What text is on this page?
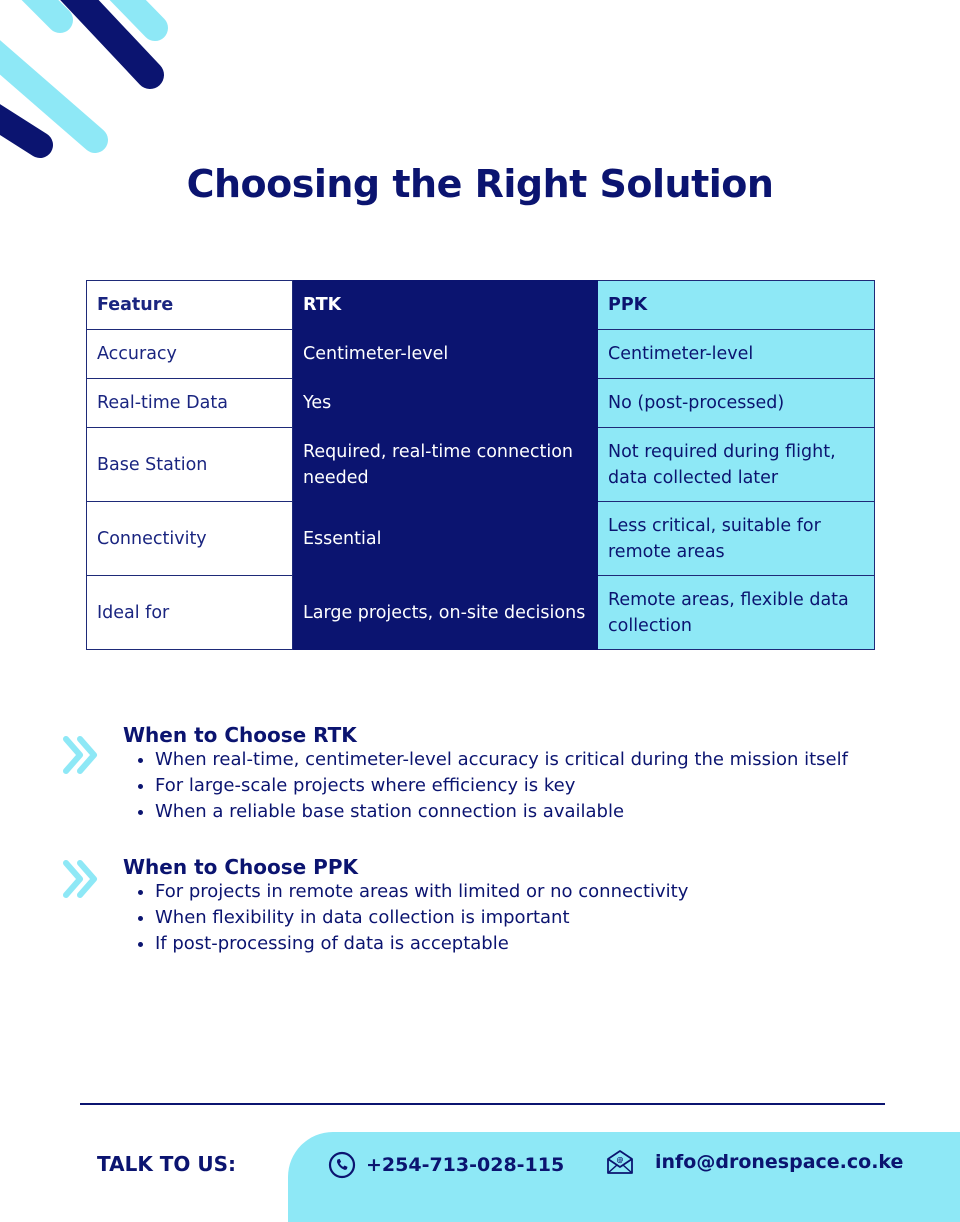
Choosing the Right Solution
Feature	RTK	PPK
Accuracy	Centimeter-level	Centimeter-level
Real-time Data	Yes	No (post-processed)
Base Station	Required, real-time connection needed	Not required during flight, data collected later
Connectivity	Essential	Less critical, suitable for remote areas
Ideal for	Large projects, on-site decisions	Remote areas, flexible data collection
When to Choose RTK
• When real-time, centimeter-level accuracy is critical during the mission itself
• For large-scale projects where efficiency is key
• When a reliable base station connection is available
When to Choose PPK
• For projects in remote areas with limited or no connectivity
• When flexibility in data collection is important
• If post-processing of data is acceptable

TALK TO US:	+254-713-028-115	@ info@dronespace.co.ke
